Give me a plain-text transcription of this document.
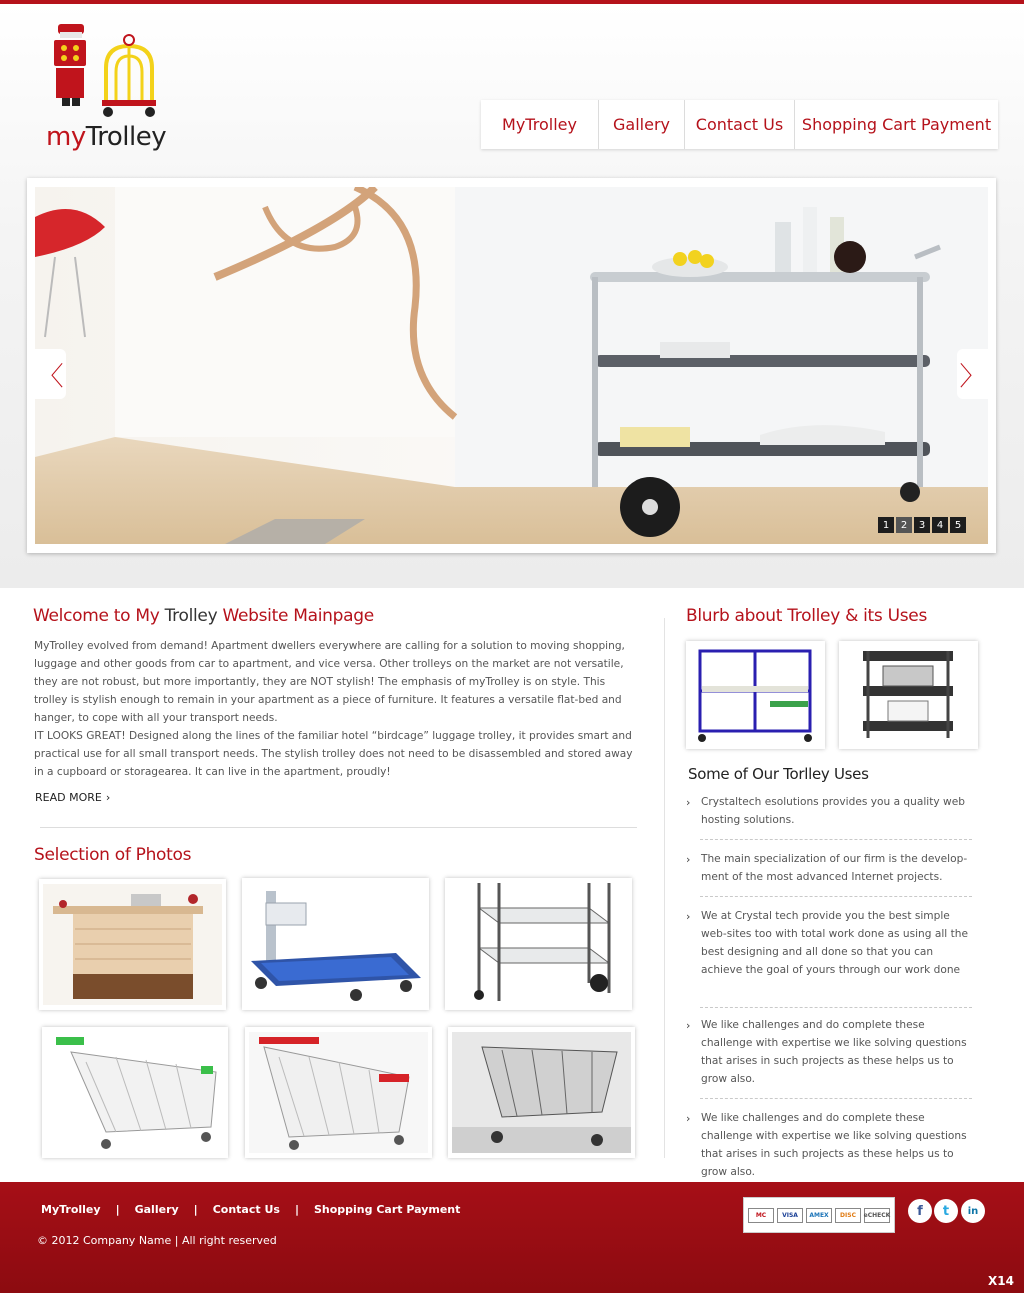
myTrolley	MyTrolley	Gallery	Contact Us	Shopping Cart Payment
〈	〉
1	2	3	4	5
Welcome to My Trolley Website Mainpage

MyTrolley evolved from demand! Apartment dwellers everywhere are calling for a solution to moving shopping, luggage and other goods from car to apartment, and vice versa. Other trolleys on the market are not versatile, they are not robust, but more importantly, they are NOT stylish! The emphasis of myTrolley is on style. This trolley is stylish enough to remain in your apartment as a piece of furniture. It features a versatile flat-bed and hanger, to cope with all your transport needs.

IT LOOKS GREAT! Designed along the lines of the familiar hotel “birdcage” luggage trolley, it provides smart and practical use for all small transport needs. The stylish trolley does not need to be disassembled and stored away in a cupboard or storagearea. It can live in the apartment, proudly!

READ MORE ›
Selection of Photos
Blurb about Trolley & its Uses
Some of Our Torlley Uses
› Crystaltech esolutions provides you a quality web hosting solutions.
› The main specialization of our firm is the develop-ment of the most advanced Internet projects.
› We at Crystal tech provide you the best simple web-sites too with total work done as using all the best designing and all done so that you can achieve the goal of yours through our work done
› We like challenges and do complete these challenge with expertise we like solving questions that arises in such projects as these helps us to grow also.
› We like challenges and do complete these challenge with expertise we like solving questions that arises in such projects as these helps us to grow also.
MyTrolley | Gallery | Contact Us | Shopping Cart Payment
© 2012 Company Name | All right reserved
MC	VISA	AMEX	DISC	eCHECK	f	t	in
X14
